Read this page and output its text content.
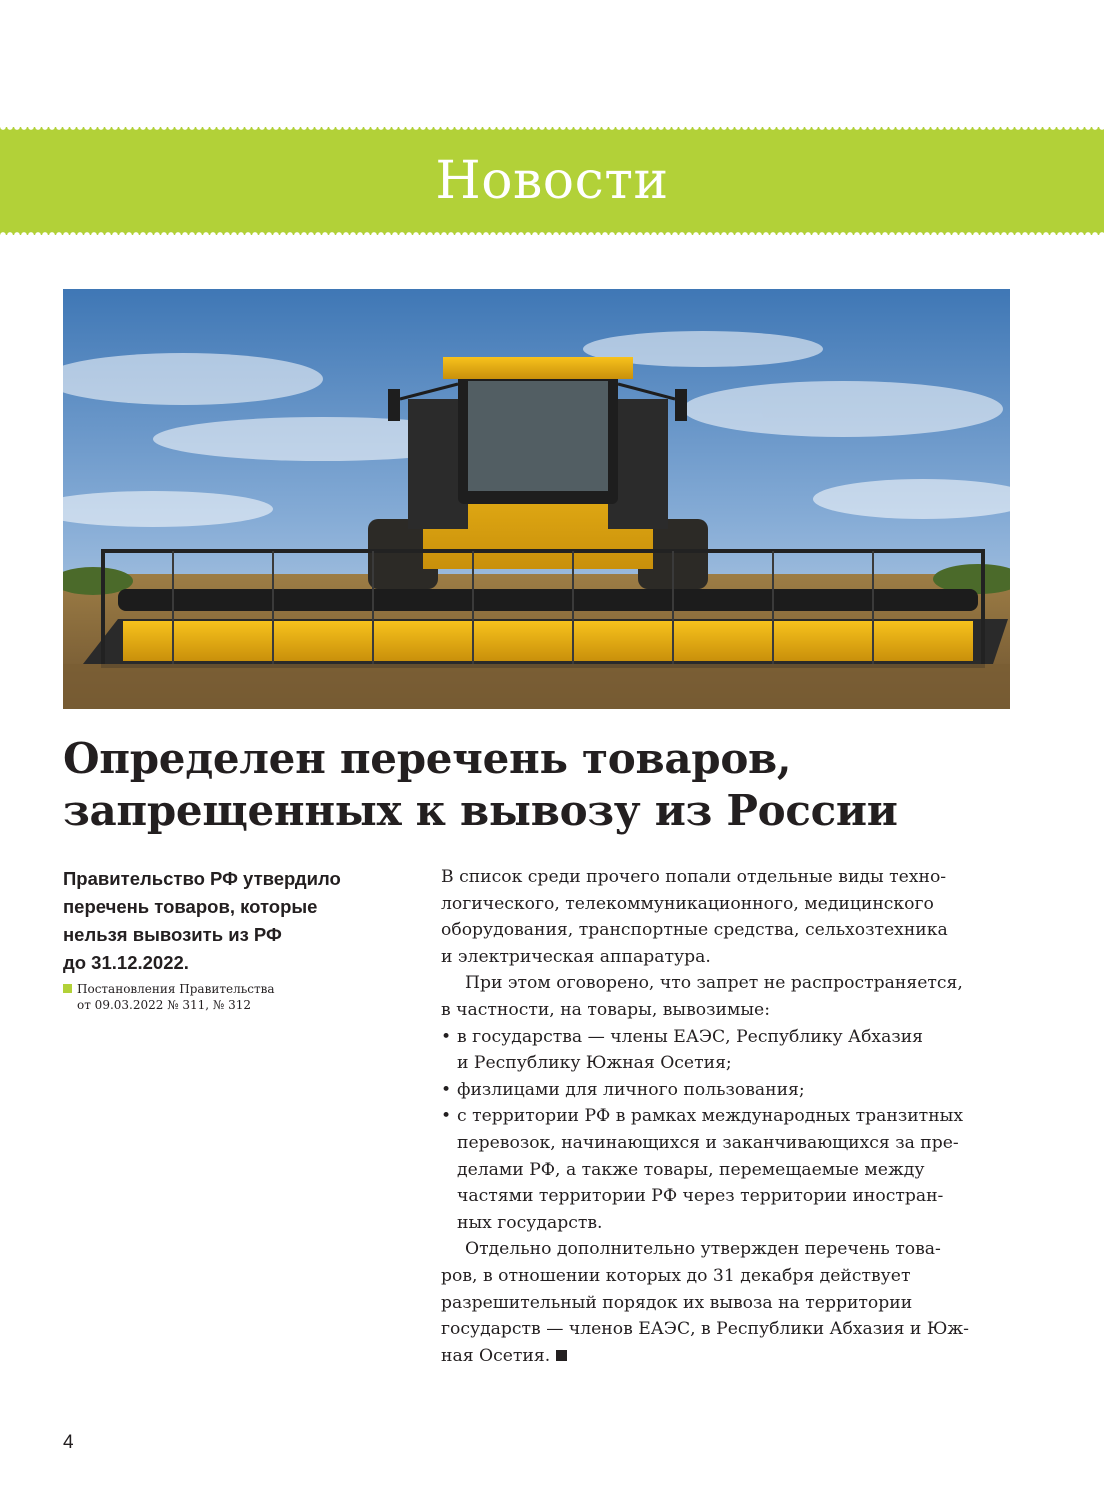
Новости
Определен перечень товаров,
запрещенных к вывозу из России

Правительство РФ утвердило
перечень товаров, которые
нельзя вывозить из РФ
до 31.12.2022.

Постановления Правительства
от 09.03.2022 № 311, № 312
В список среди прочего попали отдельные виды техно-
логического, телекоммуникационного, медицинского
оборудования, транспортные средства, сельхозтехника
и электрическая аппаратура.
При этом оговорено, что запрет не распространяется,
в частности, на товары, вывозимые:
• в государства — члены ЕАЭС, Республику Абхазия
и Республику Южная Осетия;
• физлицами для личного пользования;
• с территории РФ в рамках международных транзитных
перевозок, начинающихся и заканчивающихся за пре-
делами РФ, а также товары, перемещаемые между
частями территории РФ через территории иностран-
ных государств.
Отдельно дополнительно утвержден перечень това-
ров, в отношении которых до 31 декабря действует
разрешительный порядок их вывоза на территории
государств — членов ЕАЭС, в Республики Абхазия и Юж-
ная Осетия.
4
